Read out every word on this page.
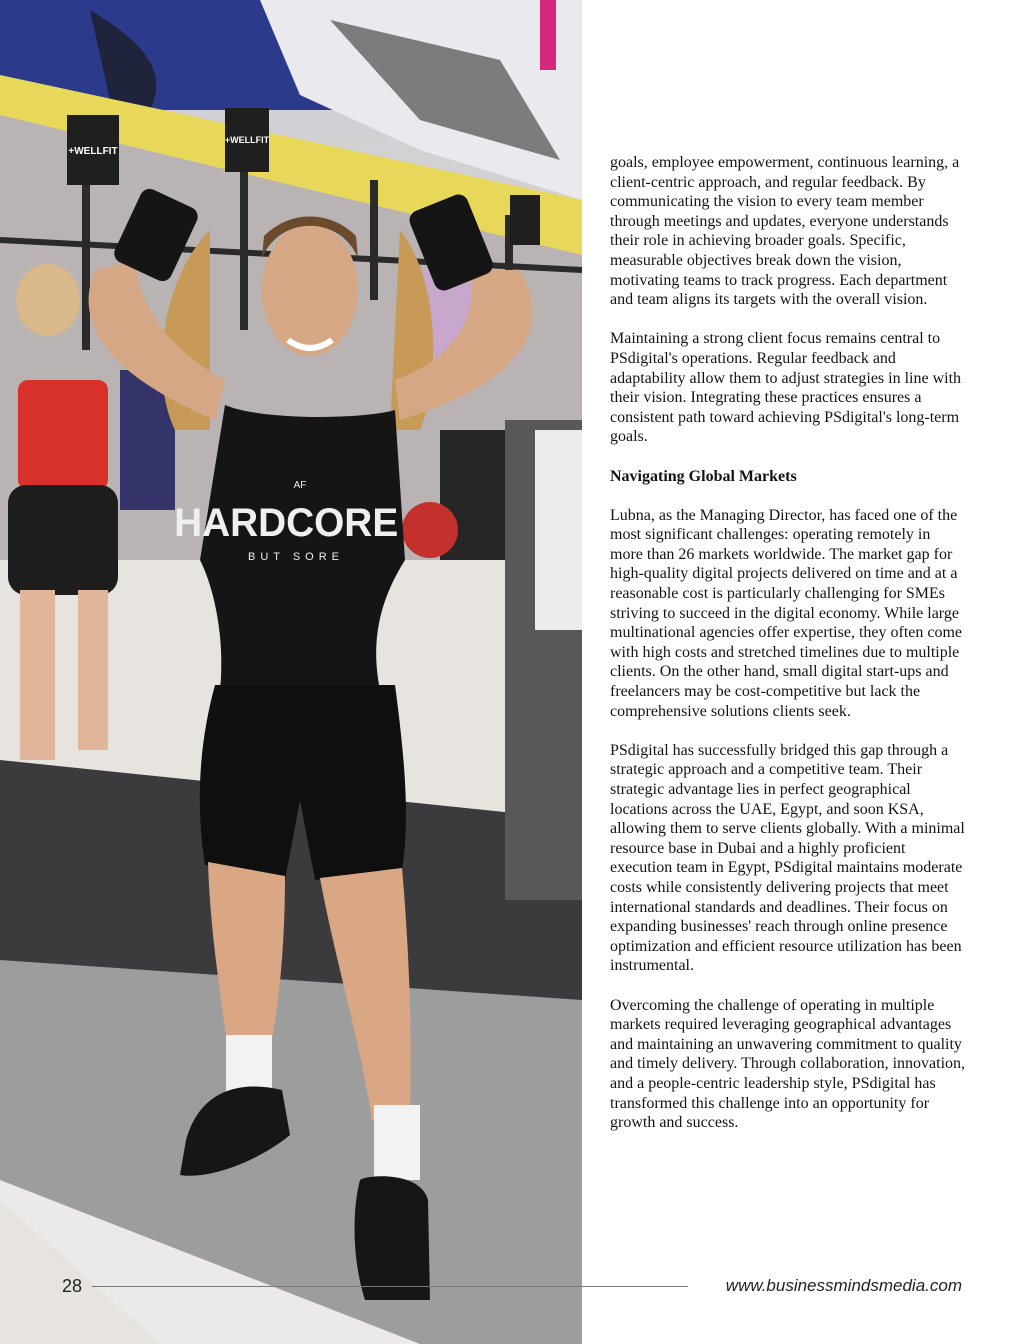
+WELLFIT
+WELLFIT
AF
HARDCORE
BUT SORE

goals, employee empowerment, continuous learning, a client-centric approach, and regular feedback. By communicating the vision to every team member through meetings and updates, everyone understands their role in achieving broader goals. Specific, measurable objectives break down the vision, motivating teams to track progress. Each department and team aligns its targets with the overall vision.

Maintaining a strong client focus remains central to PSdigital's operations. Regular feedback and adaptability allow them to adjust strategies in line with their vision. Integrating these practices ensures a consistent path toward achieving PSdigital's long-term goals.

Navigating Global Markets

Lubna, as the Managing Director, has faced one of the most significant challenges: operating remotely in more than 26 markets worldwide. The market gap for high-quality digital projects delivered on time and at a reasonable cost is particularly challenging for SMEs striving to succeed in the digital economy. While large multinational agencies offer expertise, they often come with high costs and stretched timelines due to multiple clients. On the other hand, small digital start-ups and freelancers may be cost-competitive but lack the comprehensive solutions clients seek.

PSdigital has successfully bridged this gap through a strategic approach and a competitive team. Their strategic advantage lies in perfect geographical locations across the UAE, Egypt, and soon KSA, allowing them to serve clients globally. With a minimal resource base in Dubai and a highly proficient execution team in Egypt, PSdigital maintains moderate costs while consistently delivering projects that meet international standards and deadlines. Their focus on expanding businesses' reach through online presence optimization and efficient resource utilization has been instrumental.

Overcoming the challenge of operating in multiple markets required leveraging geographical advantages and maintaining an unwavering commitment to quality and timely delivery. Through collaboration, innovation, and a people-centric leadership style, PSdigital has transformed this challenge into an opportunity for growth and success.

28	www.businessmindsmedia.com
